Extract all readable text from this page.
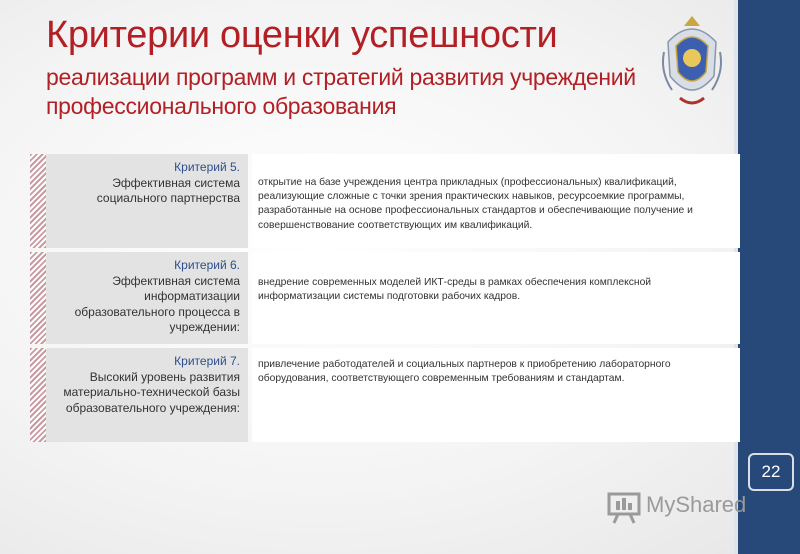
22
Критерии оценки успешности
реализации программ и стратегий развития учреждений профессионального образования
Критерий 5.
Эффективная система социального партнерства
открытие на базе учреждения центра прикладных (профессиональных) квалификаций, реализующие сложные с точки зрения практических навыков, ресурсоемкие программы, разработанные на основе профессиональных стандартов и обеспечивающие получение и совершенствование соответствующих им квалификаций.
Критерий 6.
Эффективная система информатизации образовательного процесса в учреждении:
внедрение современных моделей ИКТ-среды в рамках обеспечения комплексной информатизации системы подготовки рабочих кадров.
Критерий 7.
Высокий уровень развития материально-технической базы образовательного учреждения:
привлечение работодателей и социальных партнеров к приобретению лабораторного оборудования, соответствующего современным требованиям и стандартам.
MyShared
